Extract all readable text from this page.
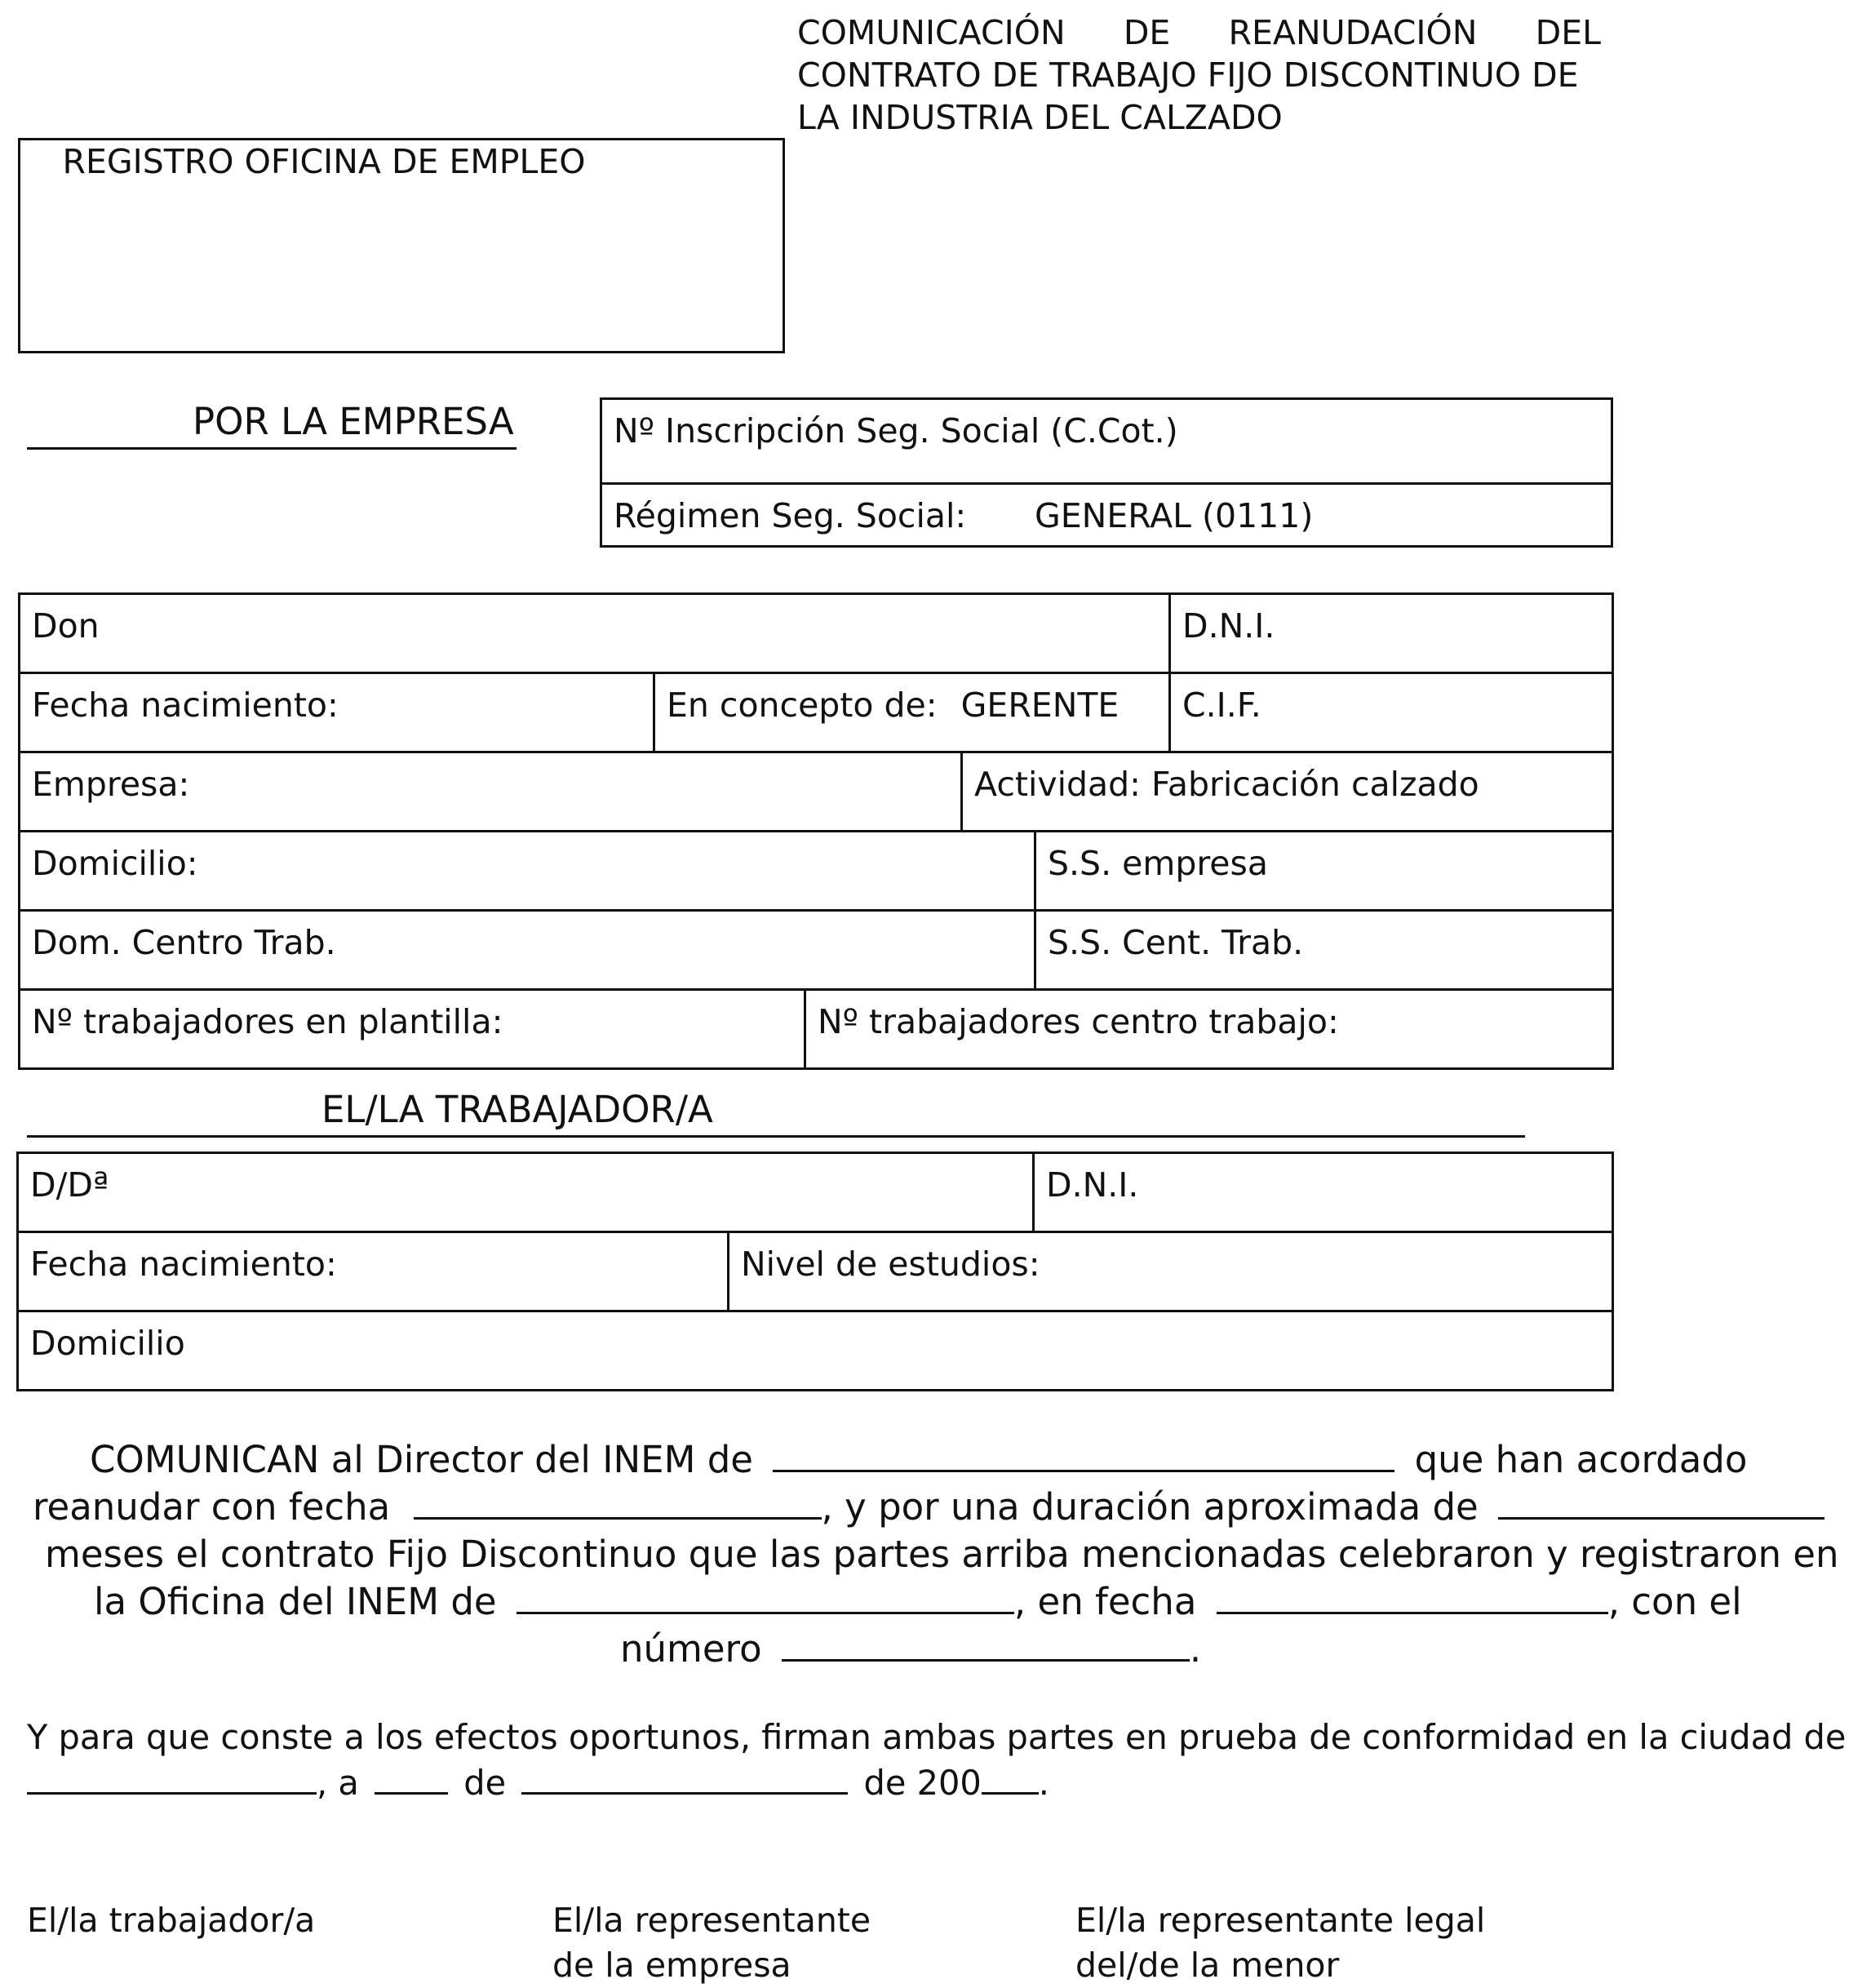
COMUNICACIÓN DE REANUDACIÓN DEL
CONTRATO DE TRABAJO FIJO DISCONTINUO DE
LA INDUSTRIA DEL CALZADO
REGISTRO OFICINA DE EMPLEO
POR LA EMPRESA	Nº Inscripción Seg. Social (C.Cot.)
Régimen Seg. Social: GENERAL (0111)
Don	D.N.I.
Fecha nacimiento:	En concepto de: GERENTE	C.I.F.
Empresa:	Actividad: Fabricación calzado
Domicilio:	S.S. empresa
Dom. Centro Trab.	S.S. Cent. Trab.
Nº trabajadores en plantilla:	Nº trabajadores centro trabajo:
EL/LA TRABAJADOR/A
D/Dª	D.N.I.
Fecha nacimiento:	Nivel de estudios:
Domicilio
COMUNICAN al Director del INEM de	que han acordado
reanudar con fecha	, y por una duración aproximada de
meses el contrato Fijo Discontinuo que las partes arriba mencionadas celebraron y registraron en
la Oficina del INEM de	, en fecha	, con el
número	.
Y para que conste a los efectos oportunos, firman ambas partes en prueba de conformidad en la ciudad de
, a	de	de 200 .
El/la trabajador/a	El/la representante
de la empresa
El/la representante legal
del/de la menor
